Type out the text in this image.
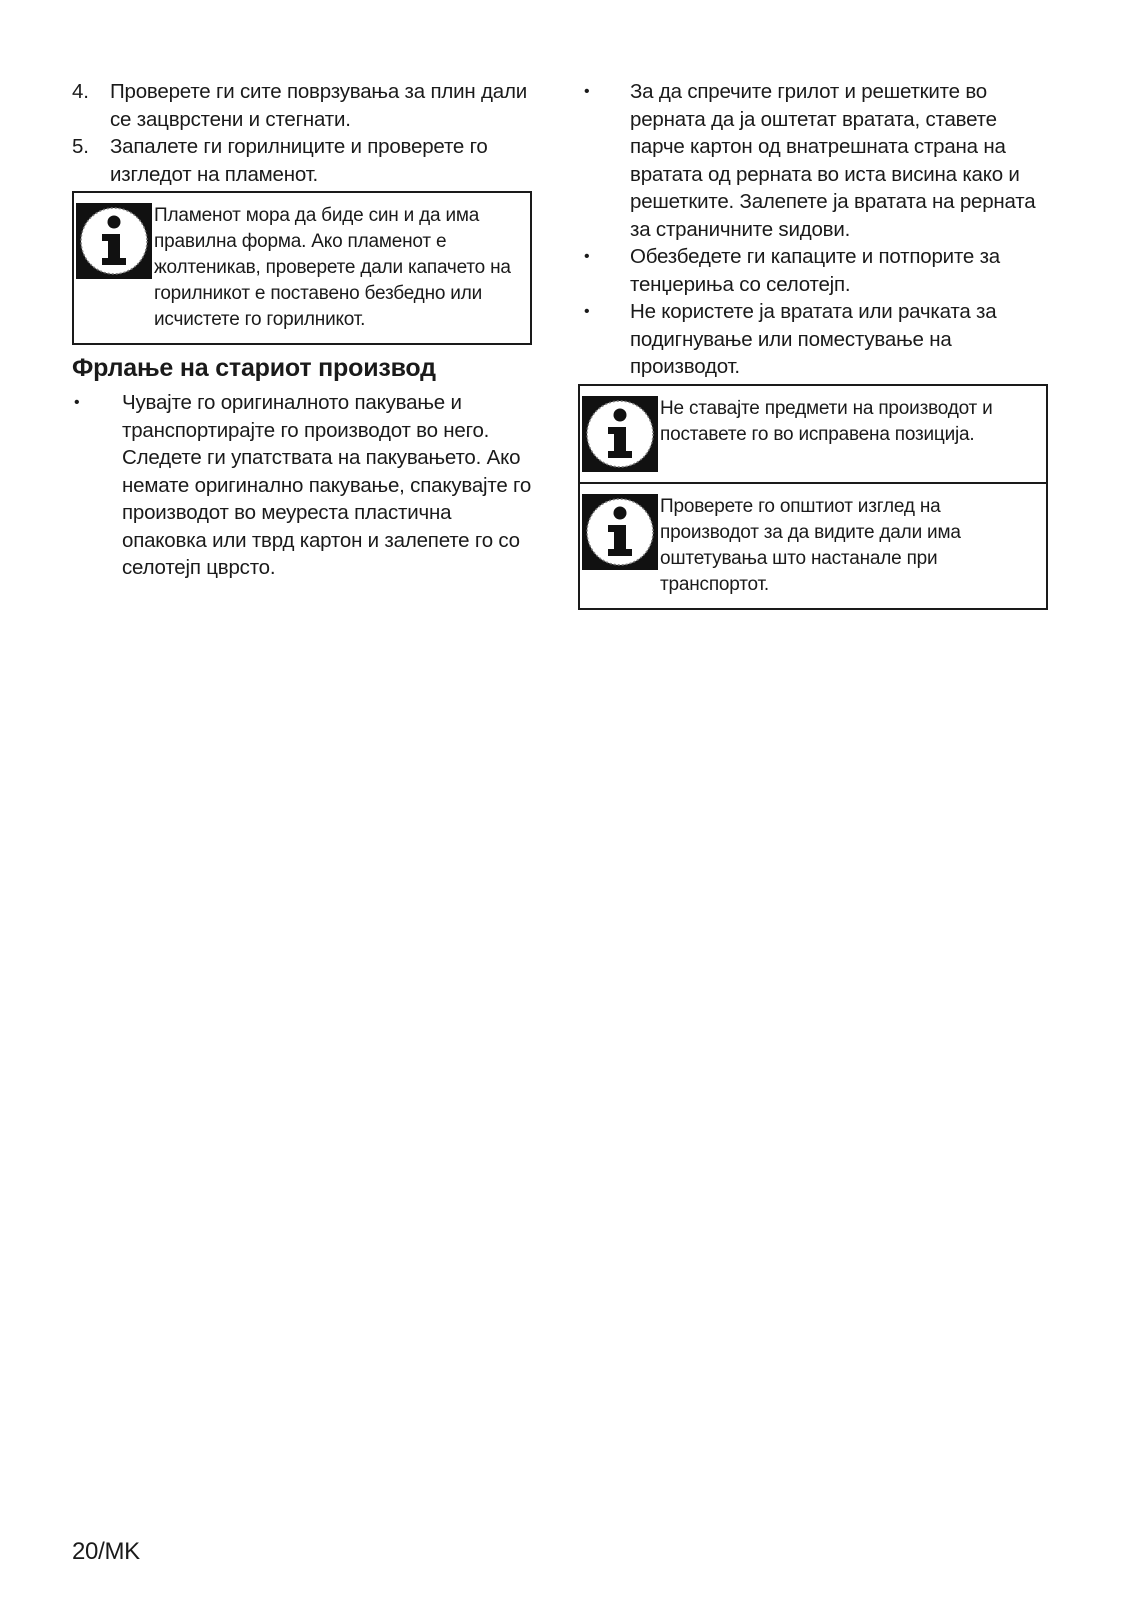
4. Проверете ги сите поврзувања за плин дали се зацврстени и стегнати.
5. Запалете ги горилниците и проверете го изгледот на пламенот.
Пламенот мора да биде син и да има правилна форма. Ако пламенот е жолтеникав, проверете дали капачето на горилникот е поставено безбедно или исчистете го горилникот.
Фрлање на стариот производ
• Чувајте го оригиналното пакување и транспортирајте го производот во него. Следете ги упатствата на пакувањето. Ако немате оригинално пакување, спакувајте го производот во меуреста пластична опаковка или тврд картон и залепете го со селотејп цврсто.
• За да спречите грилот и решетките во рерната да ја оштетат вратата, ставете парче картон од внатрешната страна на вратата од рерната во иста висина како и решетките. Залепете ја вратата на рерната за страничните ѕидови.
• Обезбедете ги капаците и потпорите за тенџериња со селотејп.
• Не користете ја вратата или рачката за подигнување или поместување на производот.
Не ставајте предмети на производот и поставете го во исправена позиција.
Проверете го општиот изглед на производот за да видите дали има оштетувања што настанале при транспортот.
20/MK
